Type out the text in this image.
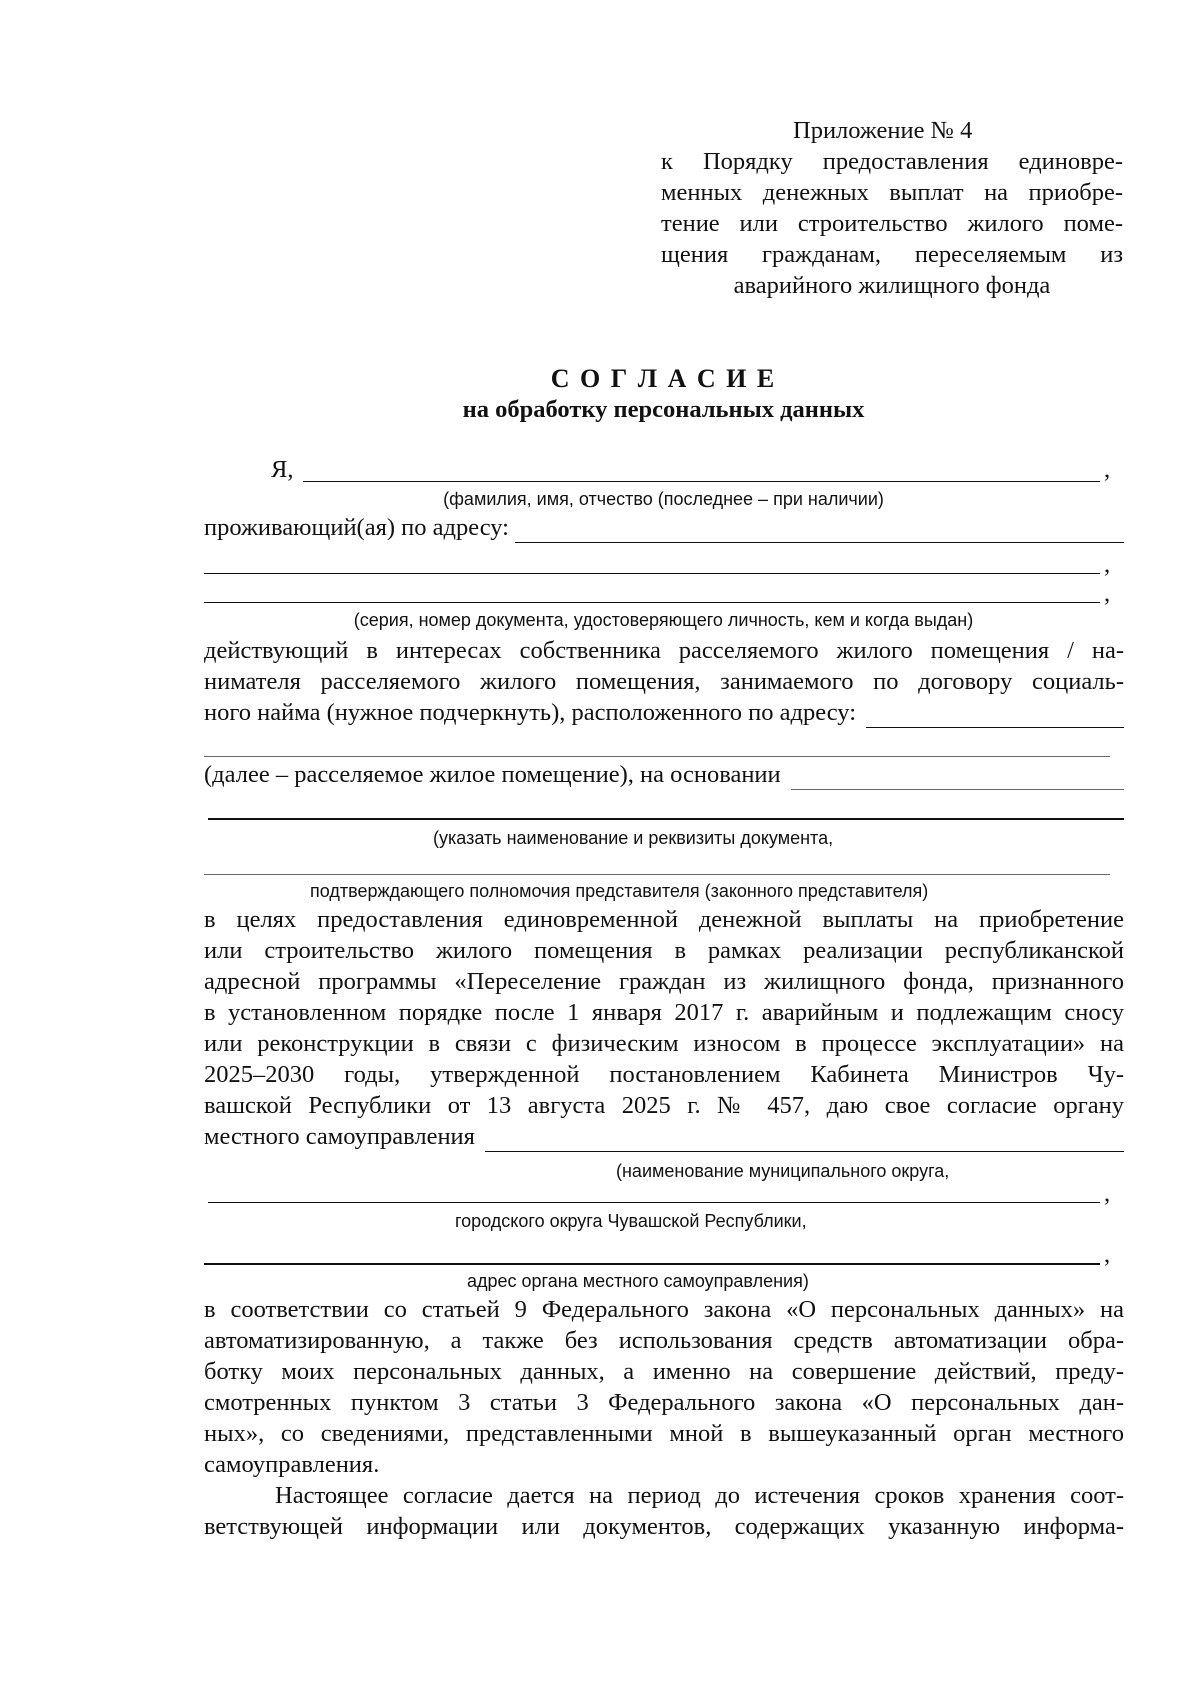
Приложение № 4
к Порядку предоставления единовре-
менных денежных выплат на приобре-
тение или строительство жилого поме-
щения гражданам, переселяемым из
аварийного жилищного фонда
С О Г Л А С И Е
на обработку персональных данных
Я,	,
(фамилия, имя, отчество (последнее – при наличии)
проживающий(ая) по адресу:
,
,
(серия, номер документа, удостоверяющего личность, кем и когда выдан)
действующий в интересах собственника расселяемого жилого помещения / на-
нимателя расселяемого жилого помещения, занимаемого по договору социаль-
ного найма (нужное подчеркнуть), расположенного по адресу:
(далее – расселяемое жилое помещение), на основании
(указать наименование и реквизиты документа,
подтверждающего полномочия представителя (законного представителя)
в целях предоставления единовременной денежной выплаты на приобретение
или строительство жилого помещения в рамках реализации республиканской
адресной программы «Переселение граждан из жилищного фонда, признанного
в установленном порядке после 1 января 2017 г. аварийным и подлежащим сносу
или реконструкции в связи с физическим износом в процессе эксплуатации» на
2025–2030 годы, утвержденной постановлением Кабинета Министров Чу-
вашской Республики от 13 августа 2025 г. № 457, даю свое согласие органу
местного самоуправления
(наименование муниципального округа,
,
городского округа Чувашской Республики,
,
адрес органа местного самоуправления)
в соответствии со статьей 9 Федерального закона «О персональных данных» на
автоматизированную, а также без использования средств автоматизации обра-
ботку моих персональных данных, а именно на совершение действий, преду-
смотренных пунктом 3 статьи 3 Федерального закона «О персональных дан-
ных», со сведениями, представленными мной в вышеуказанный орган местного
самоуправления.
Настоящее согласие дается на период до истечения сроков хранения соот-
ветствующей информации или документов, содержащих указанную информа-
